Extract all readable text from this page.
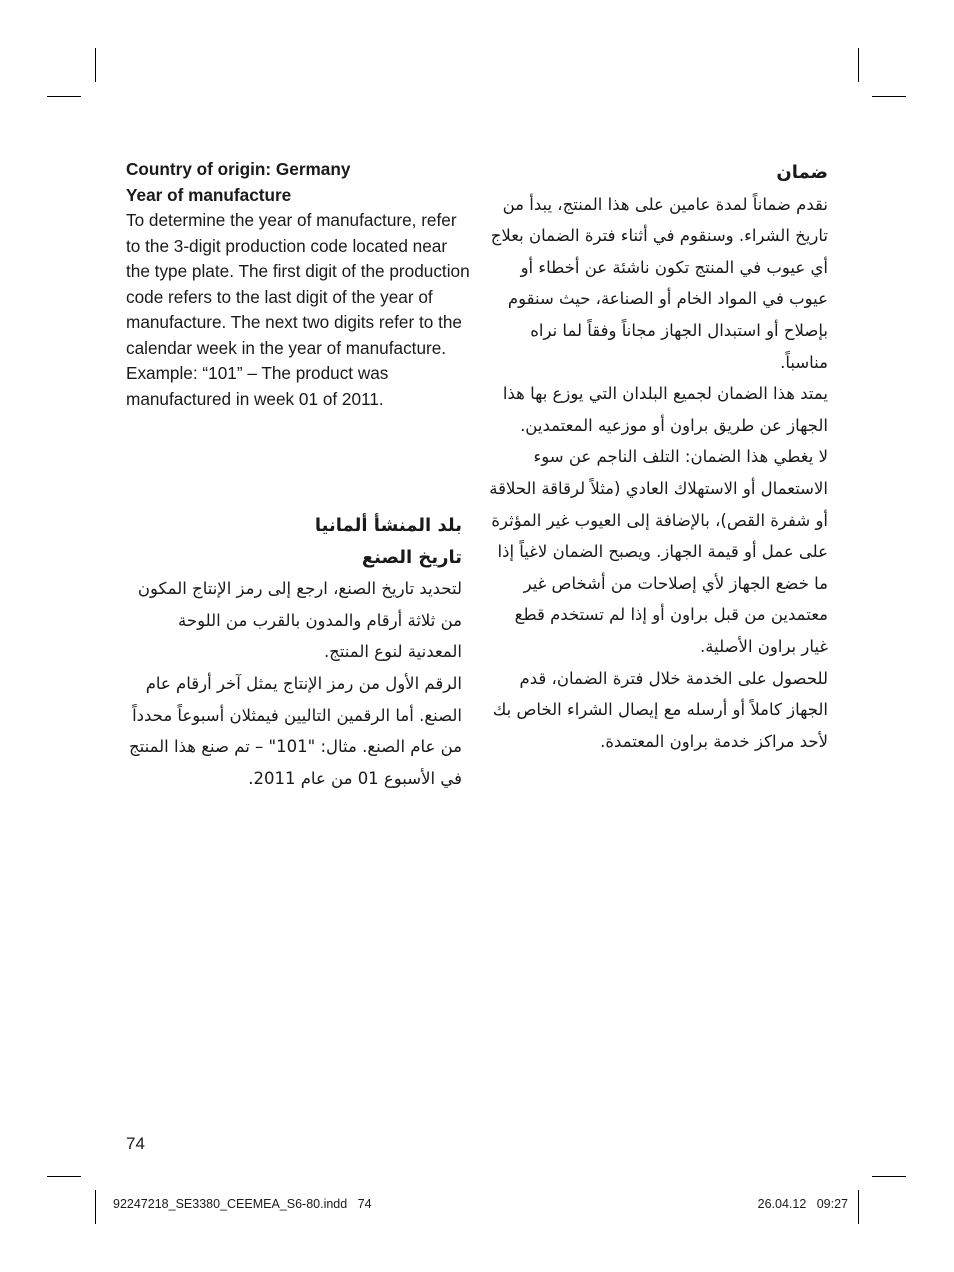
Country of origin: Germany
Year of manufacture

To determine the year of manufacture, refer to the 3-digit production code located near the type plate. The first digit of the production code refers to the last digit of the year of manufacture. The next two digits refer to the calendar week in the year of manufacture. Example: “101” – The product was manufactured in week 01 of 2011.

ضمان

نقدم ضماناً لمدة عامين على هذا المنتج، يبدأ من تاريخ الشراء. وسنقوم في أثناء فترة الضمان بعلاج أي عيوب في المنتج تكون ناشئة عن أخطاء أو عيوب في المواد الخام أو الصناعة، حيث سنقوم بإصلاح أو استبدال الجهاز مجاناً وفقاً لما نراه مناسباً.

يمتد هذا الضمان لجميع البلدان التي يوزع بها هذا الجهاز عن طريق براون أو موزعيه المعتمدين.

لا يغطي هذا الضمان: التلف الناجم عن سوء الاستعمال أو الاستهلاك العادي (مثلاً لرقاقة الحلاقة أو شفرة القص)، بالإضافة إلى العيوب غير المؤثرة على عمل أو قيمة الجهاز. ويصبح الضمان لاغياً إذا ما خضع الجهاز لأي إصلاحات من أشخاص غير معتمدين من قبل براون أو إذا لم تستخدم قطع غيار براون الأصلية.

للحصول على الخدمة خلال فترة الضمان، قدم الجهاز كاملاً أو أرسله مع إيصال الشراء الخاص بك لأحد مراكز خدمة براون المعتمدة.

بلد المنشأ ألمانيا
تاريخ الصنع

لتحديد تاريخ الصنع، ارجع إلى رمز الإنتاج المكون من ثلاثة أرقام والمدون بالقرب من اللوحة المعدنية لنوع المنتج.

الرقم الأول من رمز الإنتاج يمثل آخر أرقام عام الصنع. أما الرقمين التاليين فيمثلان أسبوعاً محدداً من عام الصنع. مثال: "101" – تم صنع هذا المنتج في الأسبوع 01 من عام 2011.

74
92247218_SE3380_CEEMEA_S6-80.indd   74	26.04.12   09:27
